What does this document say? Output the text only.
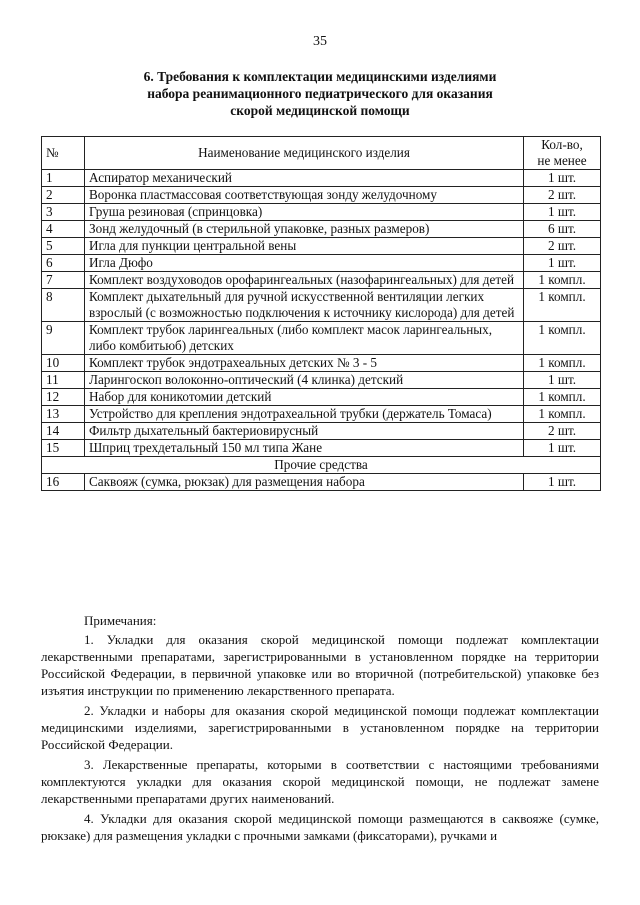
35
6. Требования к комплектации медицинскими изделиями
набора реанимационного педиатрического для оказания
скорой медицинской помощи
№	Наименование медицинского изделия	Кол-во,
не менее
1	Аспиратор механический	1 шт.
2	Воронка пластмассовая соответствующая зонду желудочному	2 шт.
3	Груша резиновая (спринцовка)	1 шт.
4	Зонд желудочный (в стерильной упаковке, разных размеров)	6 шт.
5	Игла для пункции центральной вены	2 шт.
6	Игла Дюфо	1 шт.
7	Комплект воздуховодов орофарингеальных (назофарингеальных) для детей	1 компл.
8	Комплект дыхательный для ручной искусственной вентиляции легких взрослый (с возможностью подключения к источнику кислорода) для детей	1 компл.
9	Комплект трубок ларингеальных (либо комплект масок ларингеальных, либо комбитьюб) детских	1 компл.
10	Комплект трубок эндотрахеальных детских № 3 - 5	1 компл.
11	Ларингоскоп волоконно-оптический (4 клинка) детский	1 шт.
12	Набор для коникотомии детский	1 компл.
13	Устройство для крепления эндотрахеальной трубки (держатель Томаса)	1 компл.
14	Фильтр дыхательный бактериовирусный	2 шт.
15	Шприц трехдетальный 150 мл типа Жане	1 шт.
Прочие средства		
16	Саквояж (сумка, рюкзак) для размещения набора	1 шт.

Примечания:

1. Укладки для оказания скорой медицинской помощи подлежат комплектации лекарственными препаратами, зарегистрированными в установленном порядке на территории Российской Федерации, в первичной упаковке или во вторичной (потребительской) упаковке без изъятия инструкции по применению лекарственного препарата.

2. Укладки и наборы для оказания скорой медицинской помощи подлежат комплектации медицинскими изделиями, зарегистрированными в установленном порядке на территории Российской Федерации.

3. Лекарственные препараты, которыми в соответствии с настоящими требованиями комплектуются укладки для оказания скорой медицинской помощи, не подлежат замене лекарственными препаратами других наименований.

4. Укладки для оказания скорой медицинской помощи размещаются в саквояже (сумке, рюкзаке) для размещения укладки с прочными замками (фиксаторами), ручками и
